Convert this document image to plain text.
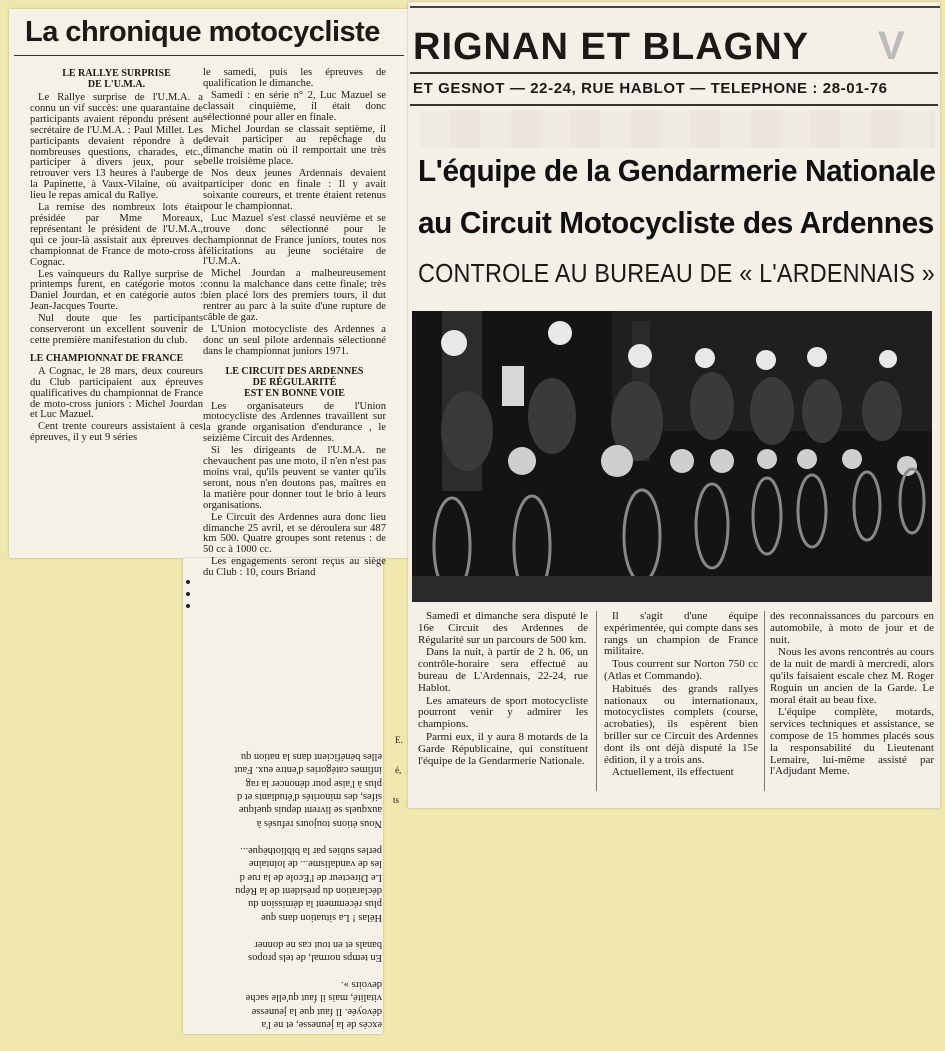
La chronique motocycliste
LE RALLYE SURPRISE
DE L'U.M.A.

Le Rallye surprise de l'U.M.A. a connu un vif succès: une quarantaine de participants avaient répondu présent au secrétaire de l'U.M.A. : Paul Millet. Les participants devaient répondre à de nombreuses questions, charades, etc., participer à divers jeux, pour se retrouver vers 13 heures à l'auberge de la Papinette, à Vaux-Vilaine, où avait lieu le repas amical du Rallye.

La remise des nombreux lots était présidée par Mme Moreaux, représentant le président de l'U.M.A., qui ce jour-là assistait aux épreuves de championnat de France de moto-cross à Cognac.

Les vainqueurs du Rallye surprise de printemps furent, en catégorie motos : Daniel Jourdan, et en catégorie autos : Jean-Jacques Tourte.

Nul doute que les participants conserveront un excellent souvenir de cette première manifestation du club.

LE CHAMPIONNAT DE FRANCE

A Cognac, le 28 mars, deux coureurs du Club participaient aux épreuves qualificatives du championnat de France de moto-cross juniors : Michel Jourdan et Luc Mazuel.

Cent trente coureurs assistaient à ces épreuves, il y eut 9 séries

le samedi, puis les épreuves de qualification le dimanche.

Samedi : en série n° 2, Luc Mazuel se classait cinquième, il était donc sélectionné pour aller en finale.

Michel Jourdan se classait septième, il devait participer au repêchage du dimanche matin où il remportait une très belle troisième place.

Nos deux jeunes Ardennais devaient participer donc en finale : Il y avait soixante coureurs, et trente étaient retenus pour le championnat.

Luc Mazuel s'est classé neuvième et se trouve donc sélectionné pour le championnat de France juniors, toutes nos félicitations au jeune sociétaire de l'U.M.A.

Michel Jourdan a malheureusement connu la malchance dans cette finale; très bien placé lors des premiers tours, il dut rentrer au parc à la suite d'une rupture de câble de gaz.

L'Union motocycliste des Ardennes a donc un seul pilote ardennais sélectionné dans le championnat juniors 1971.

LE CIRCUIT DES ARDENNES
DE RÉGULARITÉ
EST EN BONNE VOIE

Les organisateurs de l'Union motocycliste des Ardennes travaillent sur la grande organisation d'endurance , le seizième Circuit des Ardennes.

Si les dirigeants de l'U.M.A. ne chevauchent pas une moto, il n'en n'est pas moins vrai, qu'ils peuvent se vanter qu'ils seront, nous n'en doutons pas, maîtres en la matière pour donner tout le brio à leurs organisations.

Le Circuit des Ardennes aura donc lieu dimanche 25 avril, et se déroulera sur 487 km 500. Quatre groupes sont retenus : de 50 cc à 1000 cc.

Les engagements seront reçus au siège du Club : 10, cours Briand

excès de la jeunesse, et ne l'a
dévoyée. Il faut que la jeunesse
vitalité, mais il faut qu'elle sache
devoirs ».

En temps normal, de tels propos
banals et en tout cas ne donner

Hélas ! La situation dans que
plus récemment la démission du
déclaration du président de la Répu
Le Directeur de l'Ecole de la rue d
les de vandalisme... de lointaine
perles subies par la bibliothèque...

Nous étions toujours refusés à
auxquels se livrent depuis quelque
sifes, des minorités d'étudiants et d
plus à l'aise pour dénoncer la rag
infimes catégories d'entre eux. Faut
elles bénéficient dans la nation qu
E.
é,
ts
RIGNAN ET BLAGNY V
ET GESNOT — 22-24, RUE HABLOT — TELEPHONE : 28-01-76
L'équipe de la Gendarmerie Nationale
au Circuit Motocycliste des Ardennes
CONTROLE AU BUREAU DE « L'ARDENNAIS »

Samedi et dimanche sera disputé le 16e Circuit des Ardennes de Régularité sur un parcours de 500 km.

Dans la nuit, à partir de 2 h. 06, un contrôle-horaire sera effectué au bureau de L'Ardennais, 22-24, rue Hablot.

Les amateurs de sport motocycliste pourront venir y admirer les champions.

Parmi eux, il y aura 8 motards de la Garde Républicaine, qui constituent l'équipe de la Gendarmerie Nationale.

Il s'agit d'une équipe expérimentée, qui compte dans ses rangs un champion de France militaire.

Tous courrent sur Norton 750 cc (Atlas et Commando).

Habitués des grands rallyes nationaux ou internationaux, motocyclistes complets (course, acrobaties), ils espèrent bien briller sur ce Circuit des Ardennes dont ils ont déjà disputé la 15e édition, il y a trois ans.

Actuellement, ils effectuent

des reconnaissances du parcours en automobile, à moto de jour et de nuit.

Nous les avons rencontrés au cours de la nuit de mardi à mercredi, alors qu'ils faisaient escale chez M. Roger Roguin un ancien de la Garde. Le moral était au beau fixe.

L'équipe complète, motards, services techniques et assistance, se compose de 15 hommes placés sous la responsabilité du Lieutenant Lemaire, lui-même assisté par l'Adjudant Meme.
